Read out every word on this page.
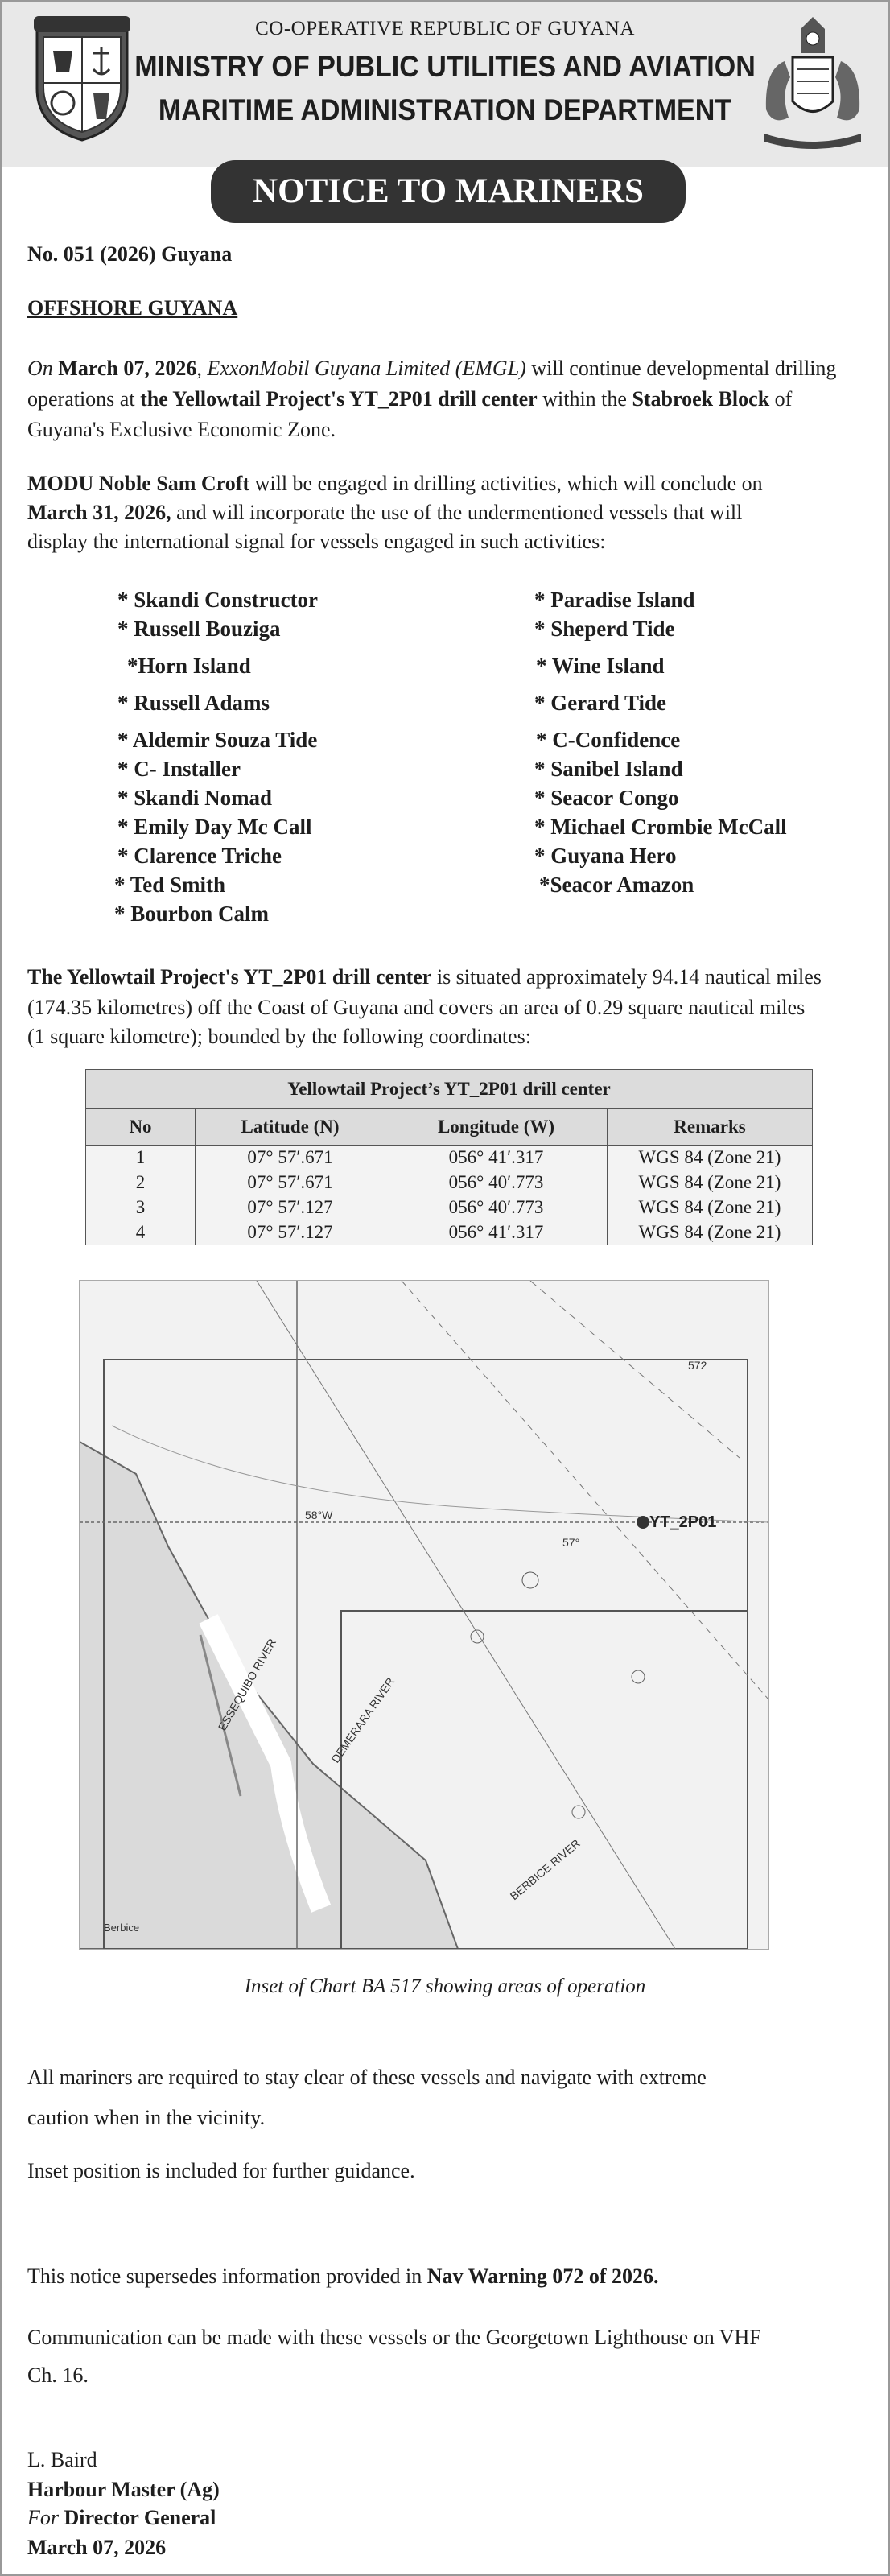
CO-OPERATIVE REPUBLIC OF GUYANA
MINISTRY OF PUBLIC UTILITIES AND AVIATION
MARITIME ADMINISTRATION DEPARTMENT
NOTICE TO MARINERS
No. 051 (2026) Guyana
OFFSHORE GUYANA
On March 07, 2026, ExxonMobil Guyana Limited (EMGL) will continue developmental drilling
operations at the Yellowtail Project's YT_2P01 drill center within the Stabroek Block of
Guyana's Exclusive Economic Zone.
MODU Noble Sam Croft will be engaged in drilling activities, which will conclude on
March 31, 2026, and will incorporate the use of the undermentioned vessels that will
display the international signal for vessels engaged in such activities:
* Skandi Constructor
* Russell Bouziga
*Horn Island
* Russell Adams
* Aldemir Souza Tide
* C- Installer
* Skandi Nomad
* Emily Day Mc Call
* Clarence Triche
* Ted Smith
* Bourbon Calm
* Paradise Island
* Sheperd Tide
* Wine Island
* Gerard Tide
* C-Confidence
* Sanibel Island
* Seacor Congo
* Michael Crombie McCall
* Guyana Hero
*Seacor Amazon
The Yellowtail Project's YT_2P01 drill center is situated approximately 94.14 nautical miles
(174.35 kilometres) off the Coast of Guyana and covers an area of 0.29 square nautical miles
(1 square kilometre); bounded by the following coordinates:
Yellowtail Project’s YT_2P01 drill center			
No	Latitude (N)	Longitude (W)	Remarks
1	07° 57′.671	056° 41′.317	WGS 84 (Zone 21)
2	07° 57′.671	056° 40′.773	WGS 84 (Zone 21)
3	07° 57′.127	056° 40′.773	WGS 84 (Zone 21)
4	07° 57′.127	056° 41′.317	WGS 84 (Zone 21)
YT_2P01
572
57°
58°W
ESSEQUIBO RIVER	DEMERARA RIVER
BERBICE RIVER
Berbice
Inset of Chart BA 517 showing areas of operation
All mariners are required to stay clear of these vessels and navigate with extreme
caution when in the vicinity.
Inset position is included for further guidance.
This notice supersedes information provided in Nav Warning 072 of 2026.
Communication can be made with these vessels or the Georgetown Lighthouse on VHF
Ch. 16.
L. Baird
Harbour Master (Ag)
For Director General
March 07, 2026
